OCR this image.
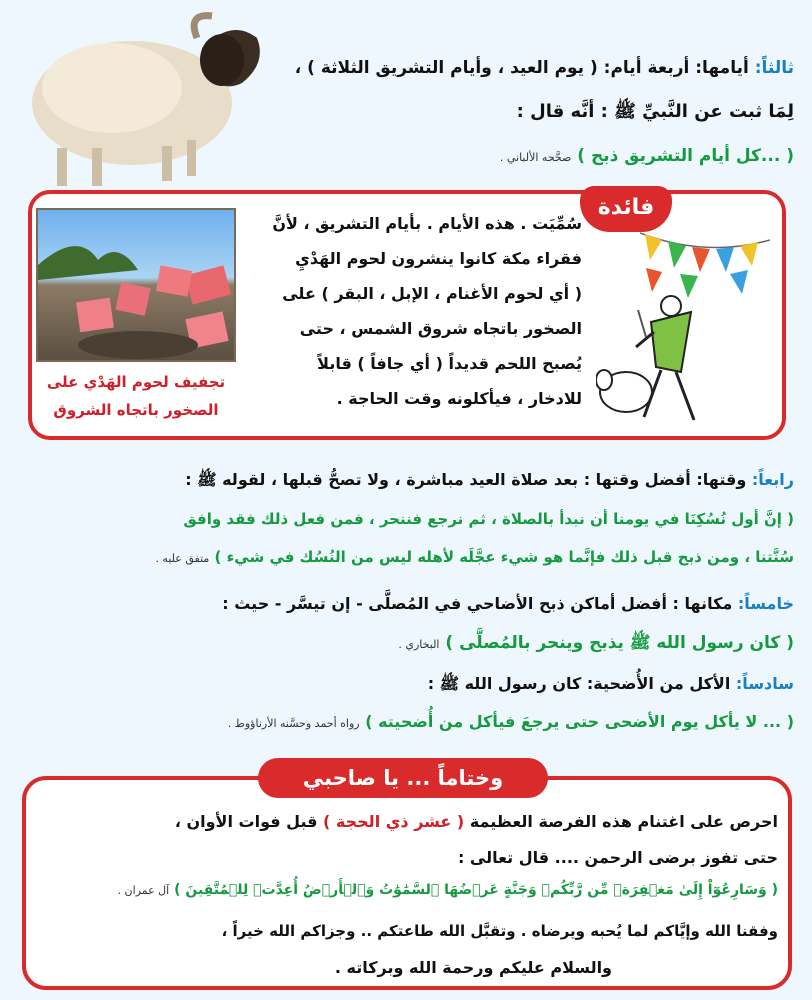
ثالثاً: أيامها: أربعة أيام: ( يوم العيد ، وأيام التشريق الثلاثة ) ،
لِمَا ثبت عن النَّبيِّ ﷺ : أنَّه قال :
( ...كل أيام التشريق ذبح ) صحَّحه الألباني .
فائدة
سُمِّيَت . هذه الأيام . بأيام التشريق ، لأنَّ
فقراء مكة كانوا ينشرون لحوم الهَدْيِ
( أي لحوم الأغنام ، الإبل ، البقر ) على
الصخور باتجاه شروق الشمس ، حتى
يُصبح اللحم قديداً ( أي جافاً ) قابلاً
للادخار ، فيأكلونه وقت الحاجة .
تجفيف لحوم الهَدْي على
الصخور باتجاه الشروق
رابعاً: وقتها: أفضل وقتها : بعد صلاة العيد مباشرة ، ولا تصحُّ قبلها ، لقوله ﷺ :
( إنَّ أول نُسُكِنَا في يومنا أن نبدأ بالصلاة ، ثم نرجع فننحر ، فمن فعل ذلك فقد وافق
سُنَّتنا ، ومن ذبح قبل ذلك فإنَّما هو شيء عجَّلَه لأهله ليس من النُسُك في شيء ) متفق عليه .
خامساً: مكانها : أفضل أماكن ذبح الأضاحي في المُصلَّى - إن تيسَّر - حيث :
( كان رسول الله ﷺ يذبح وينحر بالمُصلَّى ) البخاري .
سادساً: الأكل من الأُضحية: كان رسول الله ﷺ :
( ... لا يأكل يوم الأضحى حتى يرجعَ فيأكل من أُضحيته ) رواه أحمد وحسَّنه الأرناؤوط .
وختاماً ... يا صاحبي
احرص على اغتنام هذه الفرصة العظيمة ( عشر ذي الحجة ) قبل فوات الأوان ،
حتى تفوز برضى الرحمن .... قال تعالى :
( وَسَارِعُوٓاْ إِلَىٰ مَغۡفِرَةٖ مِّن رَّبِّكُمۡ وَجَنَّةٍ عَرۡضُهَا ٱلسَّمَٰوَٰتُ وَٱلۡأَرۡضُ أُعِدَّتۡ لِلۡمُتَّقِينَ ) آل عمران .
وفقنا الله وإيَّاكم لما يُحبه ويرضاه . وتقبَّل الله طاعتكم .. وجزاكم الله خيراً ،
والسلام عليكم ورحمة الله وبركاته .
